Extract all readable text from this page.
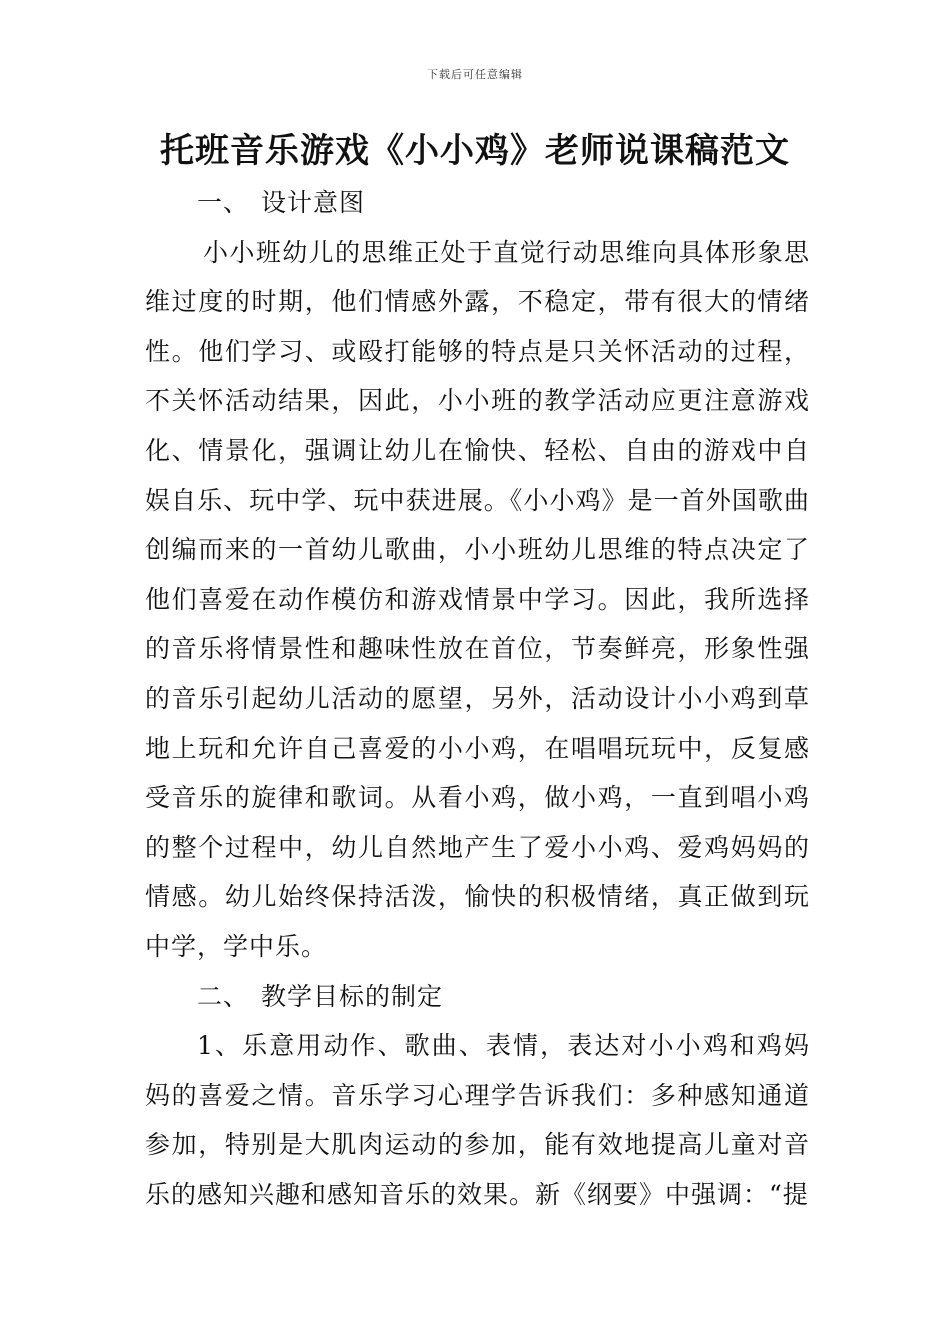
下载后可任意编辑
托班音乐游戏《小小鸡》老师说课稿范文

一、 设计意图

小小班幼儿的思维正处于直觉行动思维向具体形象思维过度的时期，他们情感外露，不稳定，带有很大的情绪性。他们学习、或殴打能够的特点是只关怀活动的过程，不关怀活动结果，因此，小小班的教学活动应更注意游戏化、情景化，强调让幼儿在愉快、轻松、自由的游戏中自娱自乐、玩中学、玩中获进展。《小小鸡》是一首外国歌曲创编而来的一首幼儿歌曲，小小班幼儿思维的特点决定了他们喜爱在动作模仿和游戏情景中学习。因此，我所选择的音乐将情景性和趣味性放在首位，节奏鲜亮，形象性强的音乐引起幼儿活动的愿望，另外，活动设计小小鸡到草地上玩和允许自己喜爱的小小鸡，在唱唱玩玩中，反复感受音乐的旋律和歌词。从看小鸡，做小鸡，一直到唱小鸡的整个过程中，幼儿自然地产生了爱小小鸡、爱鸡妈妈的情感。幼儿始终保持活泼，愉快的积极情绪，真正做到玩中学，学中乐。

二、 教学目标的制定

1、乐意用动作、歌曲、表情，表达对小小鸡和鸡妈妈的喜爱之情。音乐学习心理学告诉我们：多种感知通道参加，特别是大肌肉运动的参加，能有效地提高儿童对音乐的感知兴趣和感知音乐的效果。新《纲要》中强调：“提
